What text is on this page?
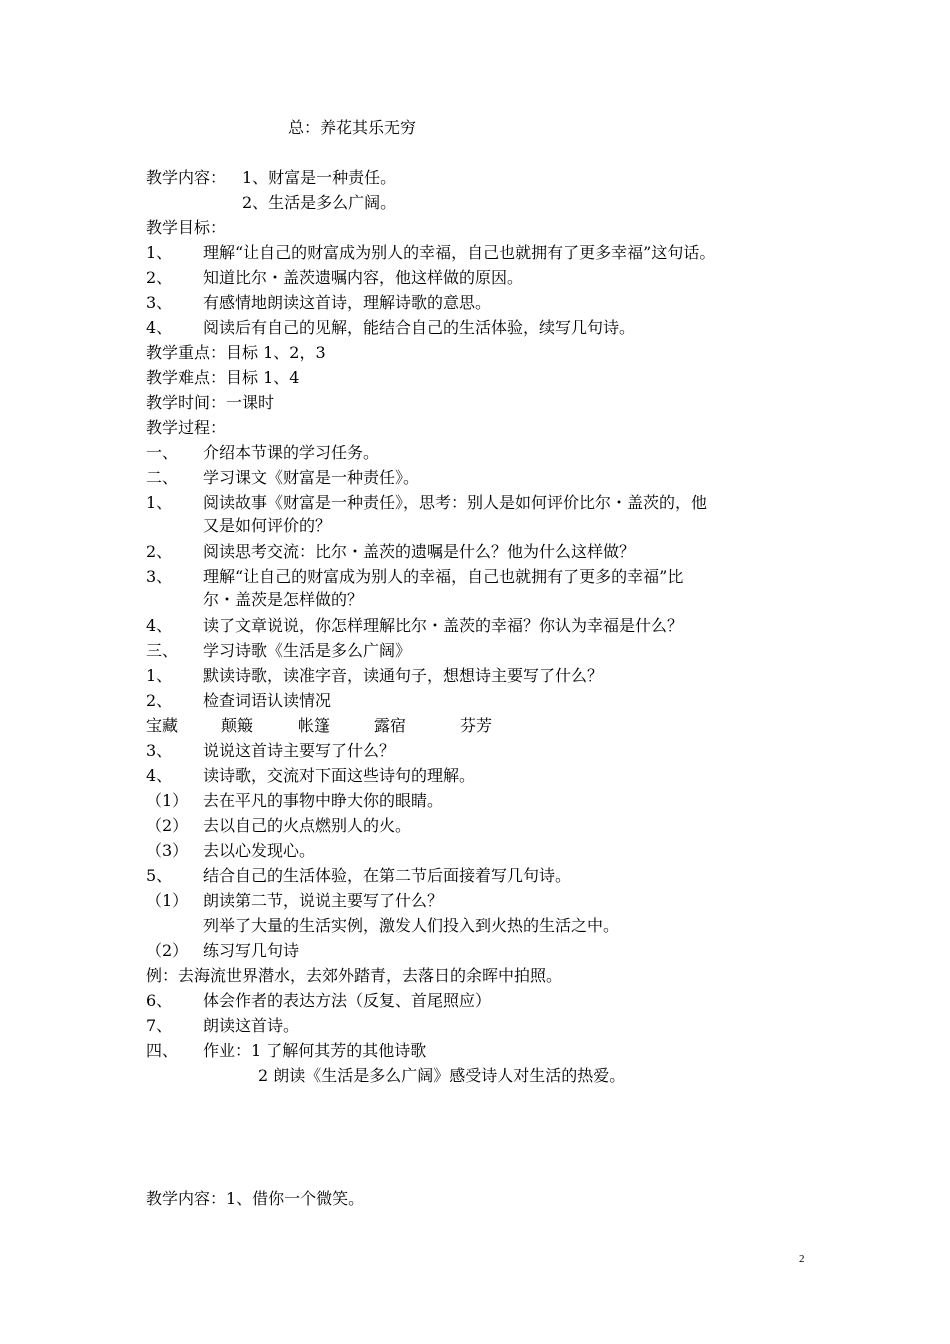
总：养花其乐无穷
教学内容： 1、财富是一种责任。
2、生活是多么广阔。
教学目标：
1、 理解“让自己的财富成为别人的幸福，自己也就拥有了更多幸福”这句话。
2、 知道比尔・盖茨遗嘱内容，他这样做的原因。
3、 有感情地朗读这首诗，理解诗歌的意思。
4、 阅读后有自己的见解，能结合自己的生活体验，续写几句诗。
教学重点：目标 1、2，3
教学难点：目标 1、4
教学时间：一课时
教学过程：
一、 介绍本节课的学习任务。
二、 学习课文《财富是一种责任》。
1、 阅读故事《财富是一种责任》，思考：别人是如何评价比尔・盖茨的，他
又是如何评价的？
2、 阅读思考交流：比尔・盖茨的遗嘱是什么？他为什么这样做？
3、 理解“让自己的财富成为别人的幸福，自己也就拥有了更多的幸福”比
尔・盖茨是怎样做的？
4、 读了文章说说，你怎样理解比尔・盖茨的幸福？你认为幸福是什么？
三、 学习诗歌《生活是多么广阔》
1、 默读诗歌，读准字音，读通句子，想想诗主要写了什么？
2、 检查词语认读情况
宝藏	颠簸	帐篷	露宿	芬芳
3、 说说这首诗主要写了什么？
4、 读诗歌，交流对下面这些诗句的理解。
（1） 去在平凡的事物中睁大你的眼睛。
（2） 去以自己的火点燃别人的火。
（3） 去以心发现心。
5、 结合自己的生活体验，在第二节后面接着写几句诗。
（1） 朗读第二节，说说主要写了什么？
列举了大量的生活实例，激发人们投入到火热的生活之中。
（2） 练习写几句诗
例：去海流世界潜水，去郊外踏青，去落日的余晖中拍照。
6、 体会作者的表达方法（反复、首尾照应）
7、 朗读这首诗。
四、 作业：1 了解何其芳的其他诗歌
2 朗读《生活是多么广阔》感受诗人对生活的热爱。
教学内容：1、借你一个微笑。
2
